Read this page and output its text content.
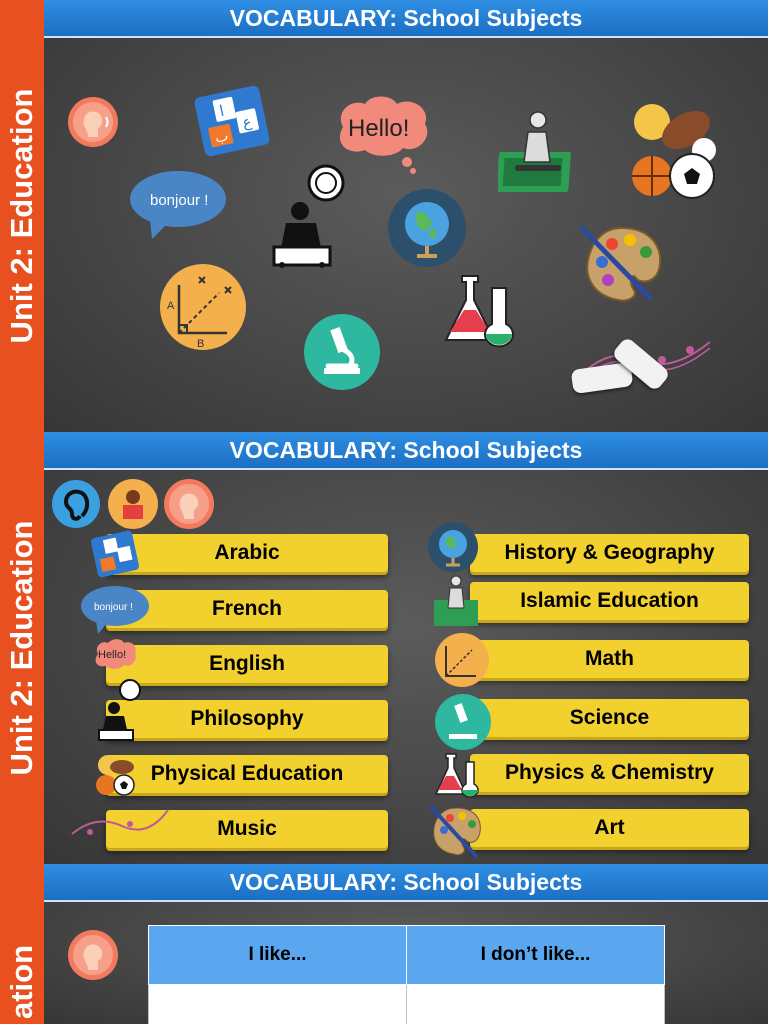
Unit 2: Education
VOCABULARY: School Subjects
ا
ع
ب	Hello!
bonjour !
A
B
Unit 2: Education
VOCABULARY: School Subjects
Arabic
French
English
Philosophy
Physical Education
Music
History & Geography
Islamic Education
Math
Science
Physics & Chemistry
Art
bonjour !
Hello!
ation
VOCABULARY: School Subjects
I like...	I don’t like...
